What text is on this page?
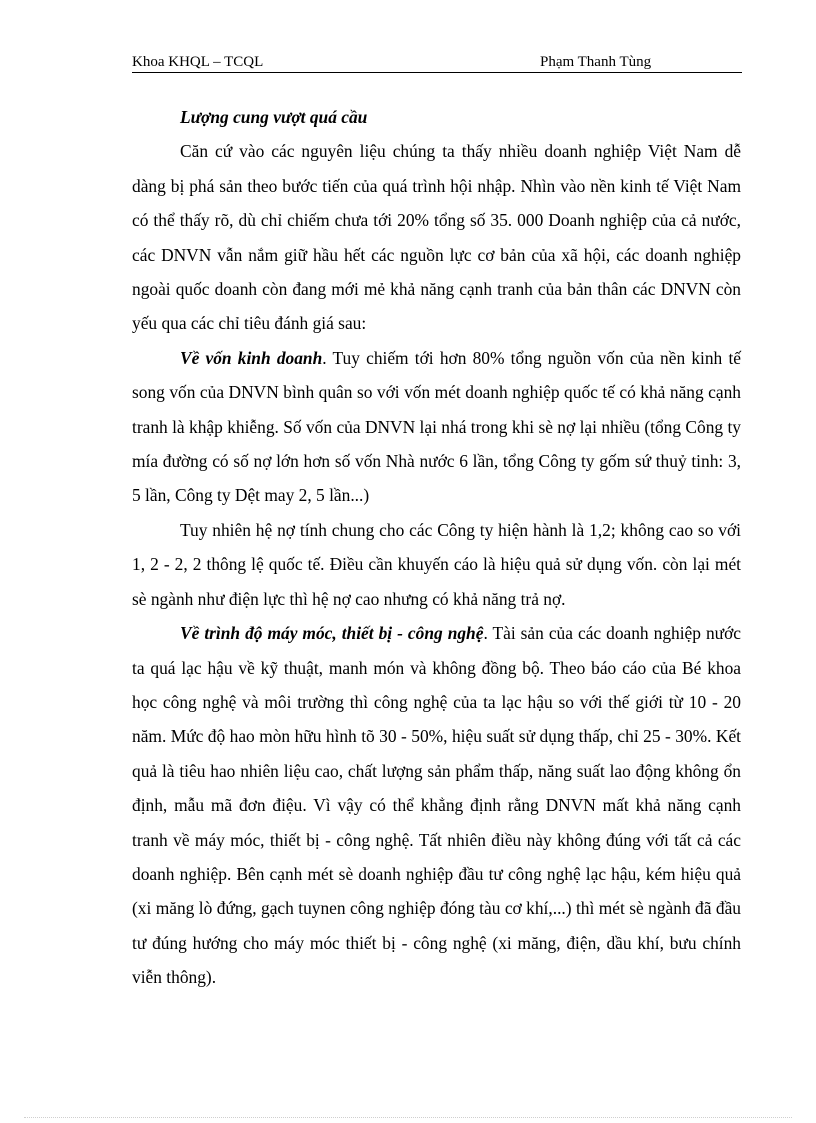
Khoa KHQL – TCQL	Phạm Thanh Tùng

Lượng cung vượt quá cầu

Căn cứ vào các nguyên liệu chúng ta thấy nhiều doanh nghiệp Việt Nam dễ dàng bị phá sản theo bước tiến của quá trình hội nhập. Nhìn vào nền kinh tế Việt Nam có thể thấy rõ, dù chỉ chiếm chưa tới 20% tổng số 35. 000 Doanh nghiệp của cả nước, các DNVN vẫn nắm giữ hầu hết các nguồn lực cơ bản của xã hội, các doanh nghiệp ngoài quốc doanh còn đang mới mẻ khả năng cạnh tranh của bản thân các DNVN còn yếu qua các chỉ tiêu đánh giá sau:

Về vốn kinh doanh. Tuy chiếm tới hơn 80% tổng nguồn vốn của nền kinh tế song vốn của DNVN bình quân so với vốn mét doanh nghiệp quốc tế có khả năng cạnh tranh là khập khiễng. Số vốn của DNVN lại nhá trong khi sè nợ lại nhiều (tổng Công ty mía đường có số nợ lớn hơn số vốn Nhà nước 6 lần, tổng Công ty gốm sứ thuỷ tinh: 3, 5 lần, Công ty Dệt may 2, 5 lần...)

Tuy nhiên hệ nợ tính chung cho các Công ty hiện hành là 1,2; không cao so với 1, 2 - 2, 2 thông lệ quốc tế. Điều cần khuyến cáo là hiệu quả sử dụng vốn. còn lại mét sè ngành như điện lực thì hệ nợ cao nhưng có khả năng trả nợ.

Về trình độ máy móc, thiết bị - công nghệ. Tài sản của các doanh nghiệp nước ta quá lạc hậu về kỹ thuật, manh món và không đồng bộ. Theo báo cáo của Bé khoa học công nghệ và môi trường thì công nghệ của ta lạc hậu so với thế giới từ 10 - 20 năm. Mức độ hao mòn hữu hình tõ 30 - 50%, hiệu suất sử dụng thấp, chỉ 25 - 30%. Kết quả là tiêu hao nhiên liệu cao, chất lượng sản phẩm thấp, năng suất lao động không ổn định, mẫu mã đơn điệu. Vì vậy có thể khẳng định rằng DNVN mất khả năng cạnh tranh về máy móc, thiết bị - công nghệ. Tất nhiên điều này không đúng với tất cả các doanh nghiệp. Bên cạnh mét sè doanh nghiệp đầu tư công nghệ lạc hậu, kém hiệu quả (xi măng lò đứng, gạch tuynen công nghiệp đóng tàu cơ khí,...) thì mét sè ngành đã đầu tư đúng hướng cho máy móc thiết bị - công nghệ (xi măng, điện, dầu khí, bưu chính viễn thông).
